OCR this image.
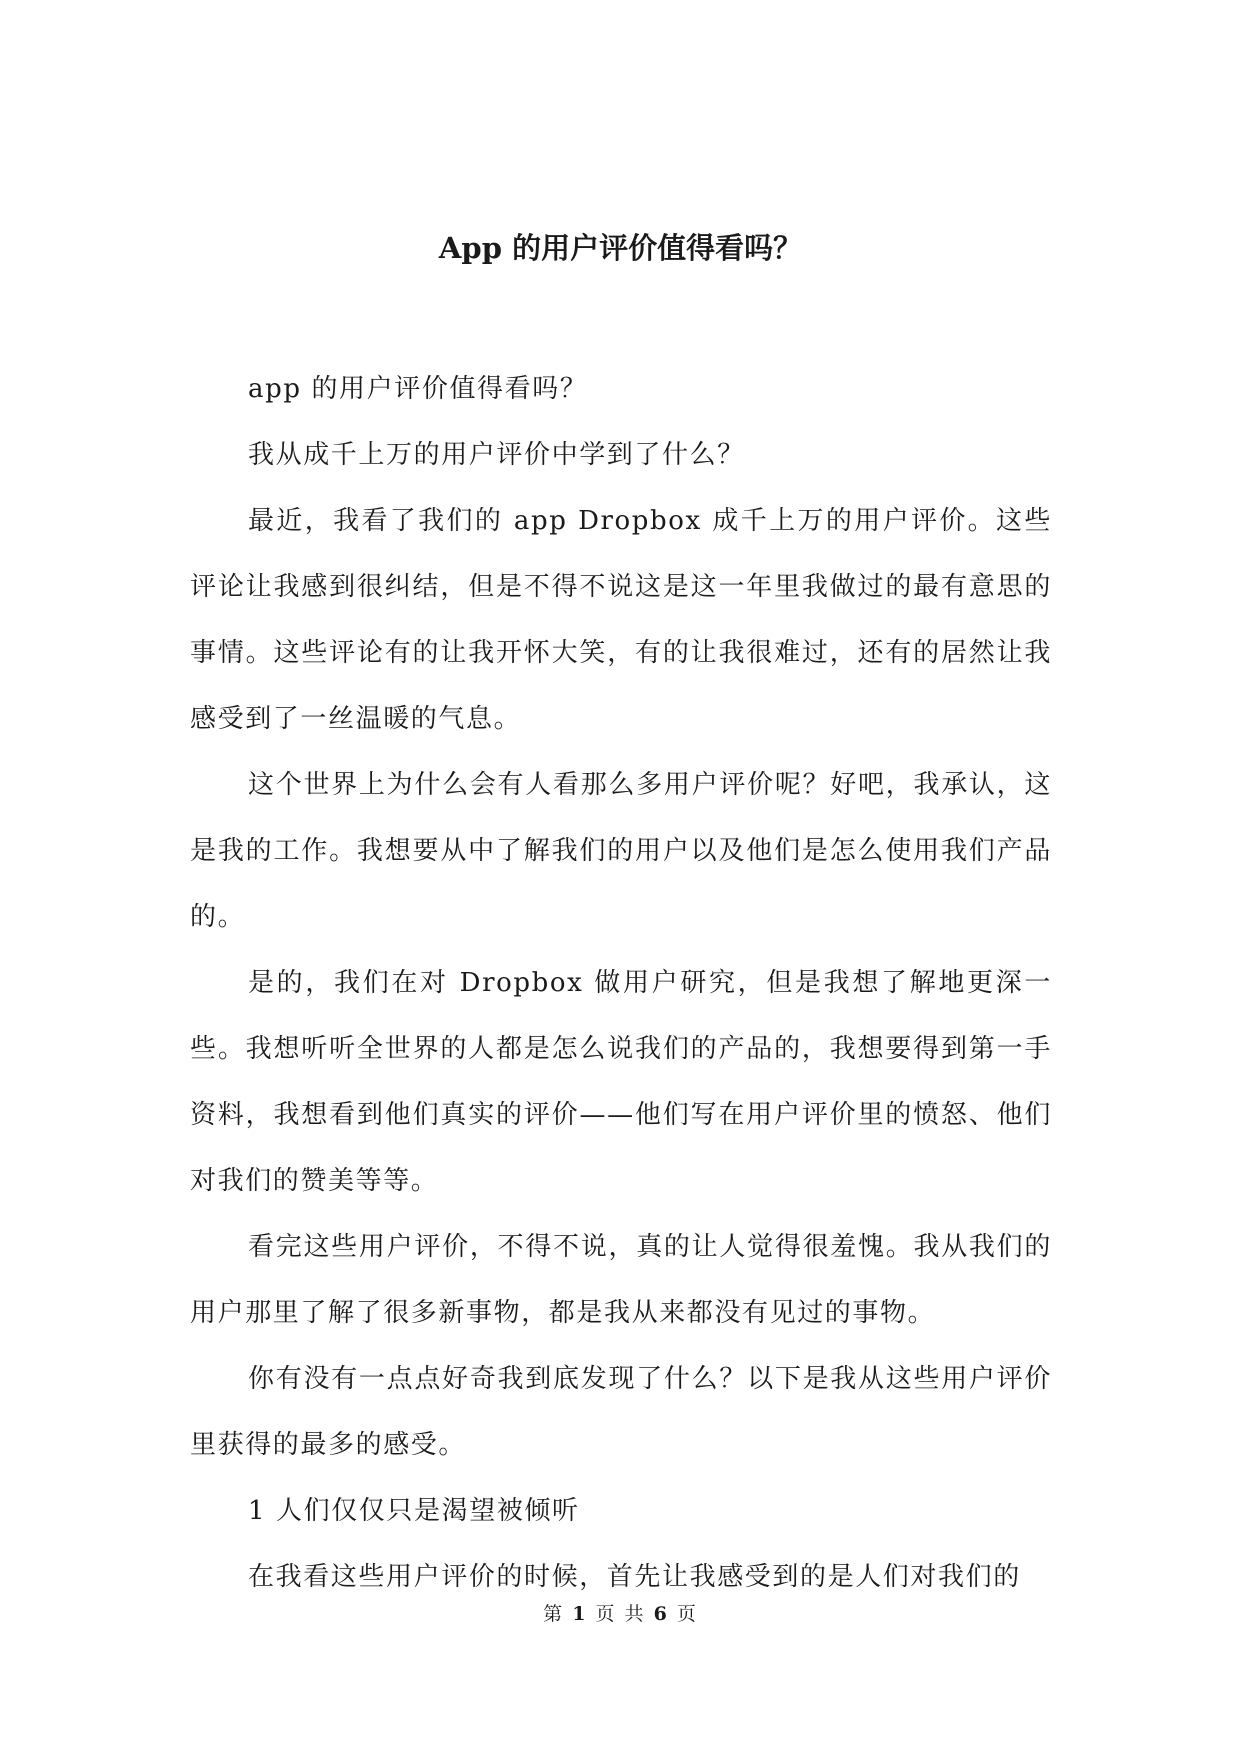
App 的用户评价值得看吗？

app 的用户评价值得看吗？

我从成千上万的用户评价中学到了什么？

最近，我看了我们的 app Dropbox 成千上万的用户评价。这些评论让我感到很纠结，但是不得不说这是这一年里我做过的最有意思的事情。这些评论有的让我开怀大笑，有的让我很难过，还有的居然让我感受到了一丝温暖的气息。

这个世界上为什么会有人看那么多用户评价呢？好吧，我承认，这是我的工作。我想要从中了解我们的用户以及他们是怎么使用我们产品的。

是的，我们在对 Dropbox 做用户研究，但是我想了解地更深一些。我想听听全世界的人都是怎么说我们的产品的，我想要得到第一手资料，我想看到他们真实的评价——他们写在用户评价里的愤怒、他们对我们的赞美等等。

看完这些用户评价，不得不说，真的让人觉得很羞愧。我从我们的用户那里了解了很多新事物，都是我从来都没有见过的事物。

你有没有一点点好奇我到底发现了什么？以下是我从这些用户评价里获得的最多的感受。

1 人们仅仅只是渴望被倾听

在我看这些用户评价的时候，首先让我感受到的是人们对我们的

第 1 页 共 6 页
